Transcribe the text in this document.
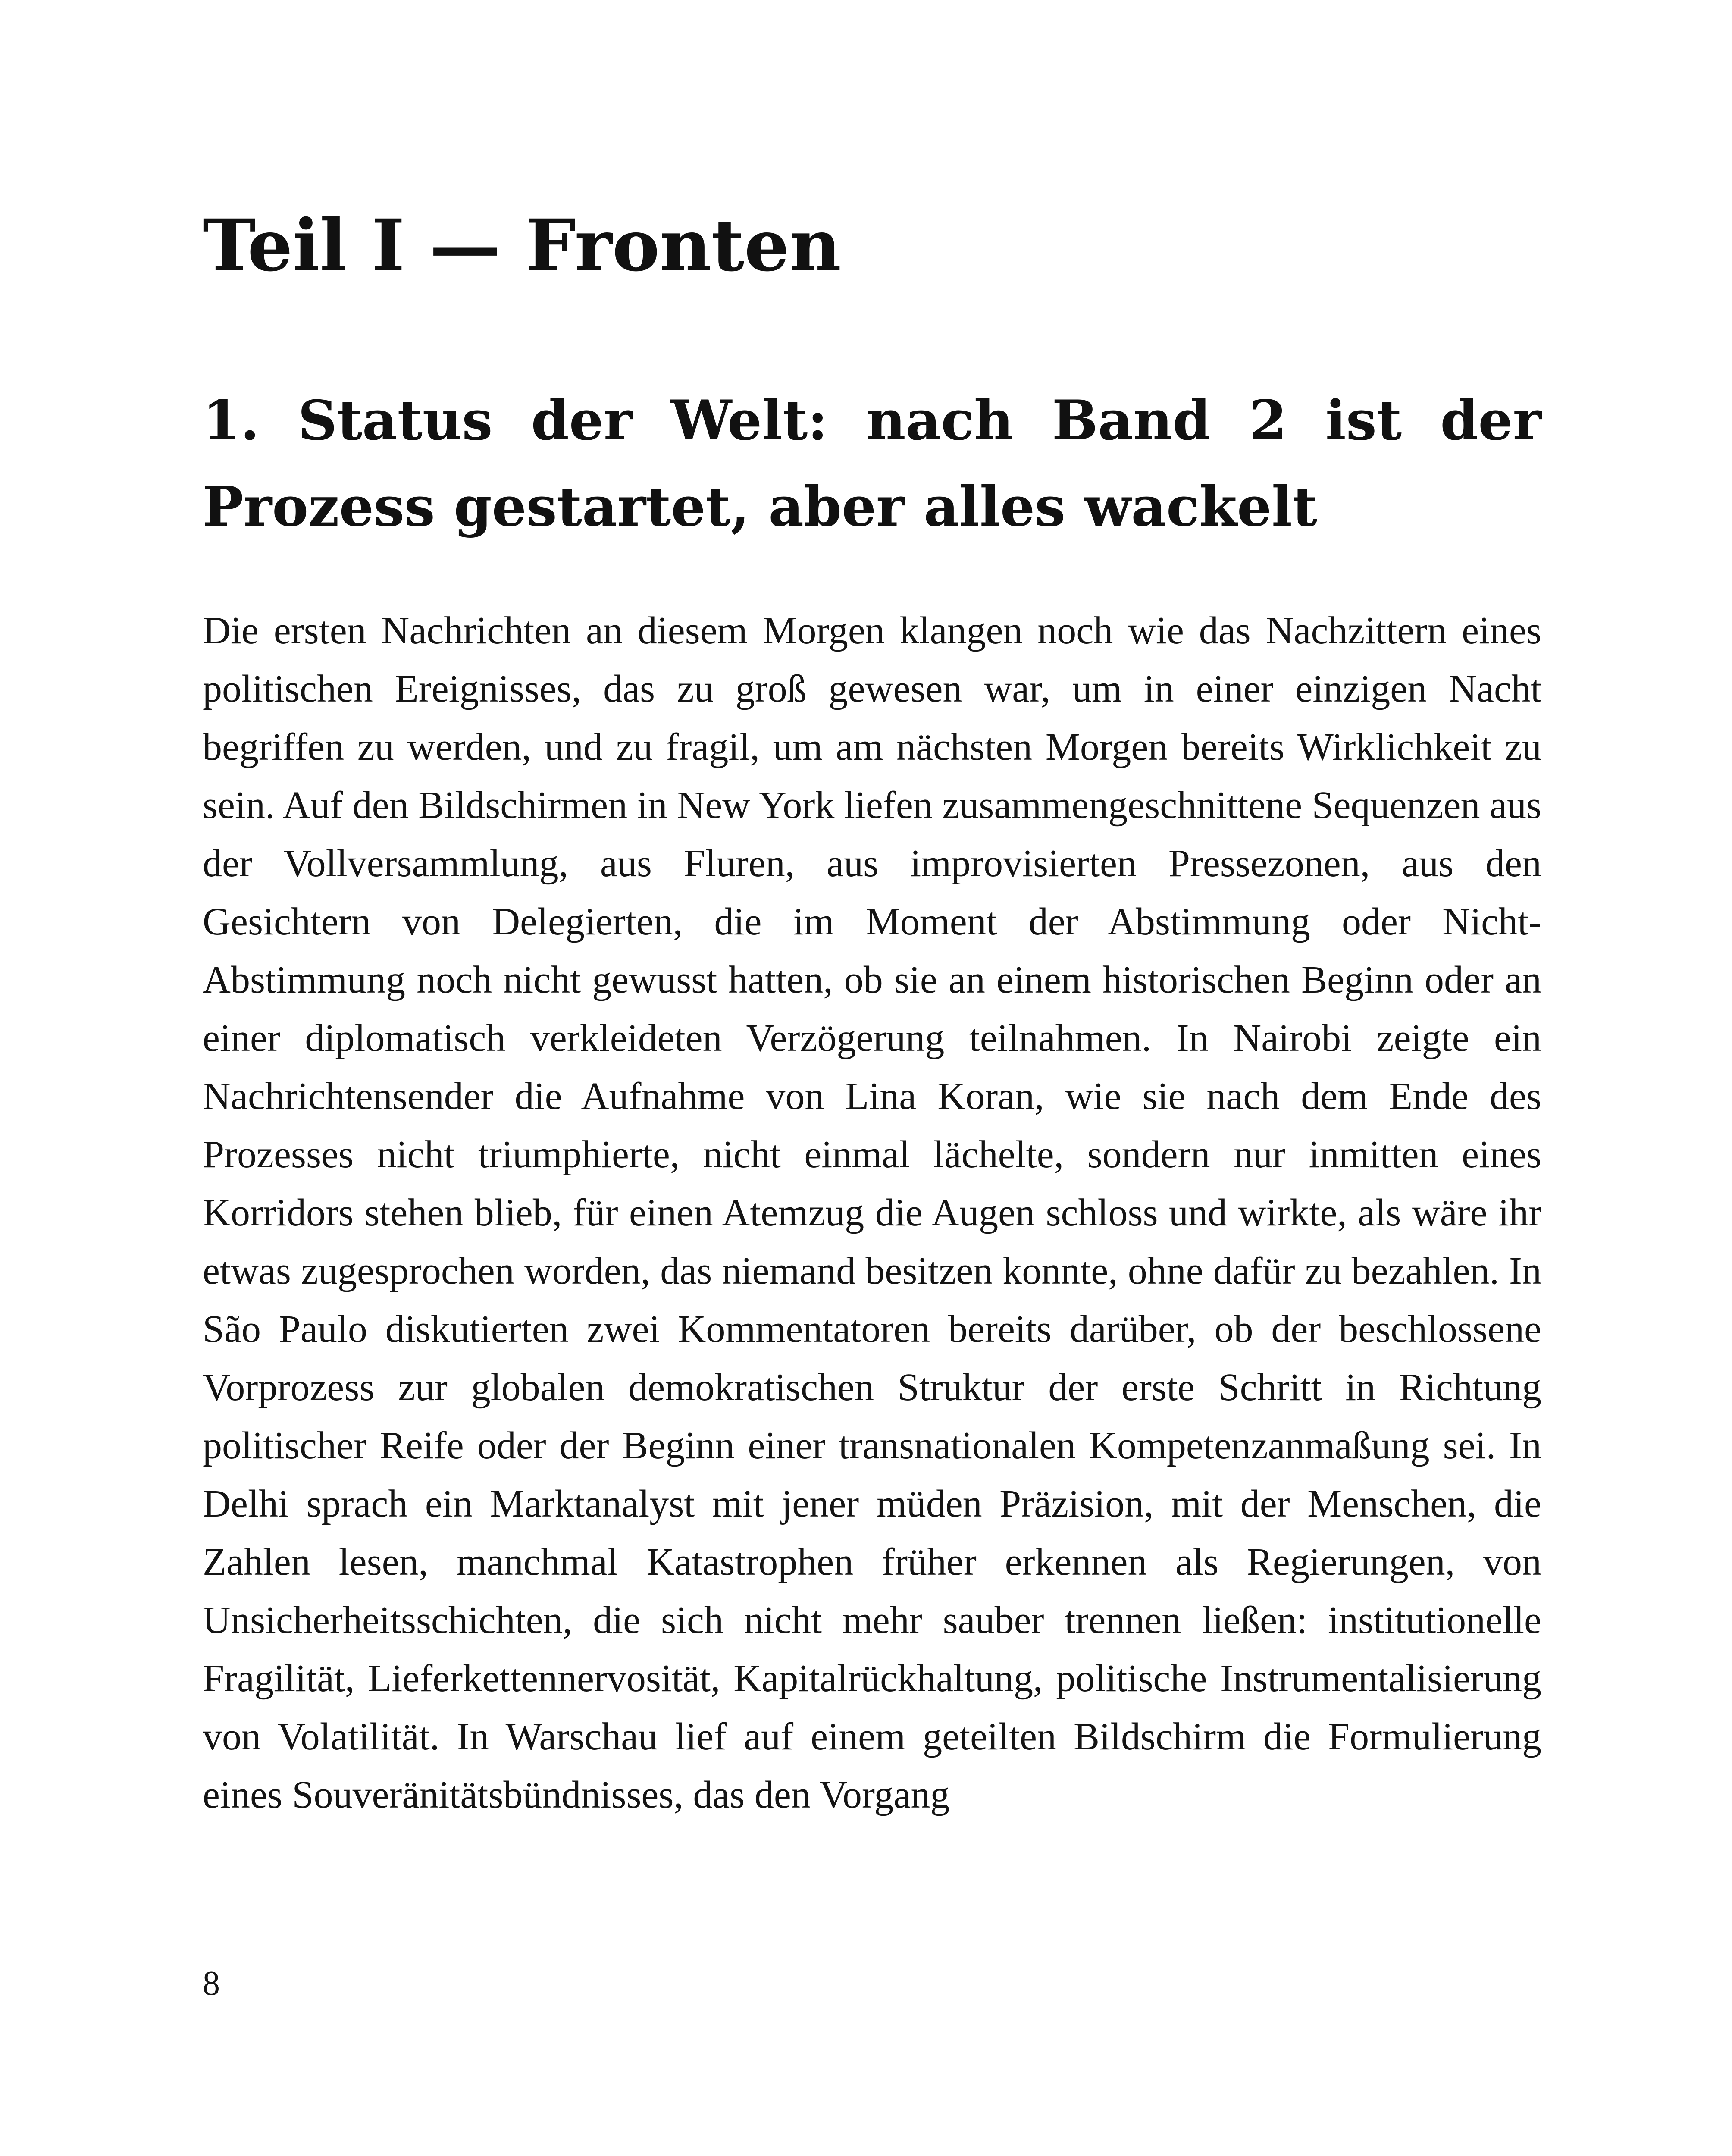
Teil I — Fronten
1. Status der Welt: nach Band 2 ist der Prozess gestartet, aber alles wackelt

Die ersten Nachrichten an diesem Morgen klangen noch wie das Nachzittern eines politischen Ereignisses, das zu groß gewesen war, um in einer einzigen Nacht begriffen zu werden, und zu fragil, um am nächsten Morgen bereits Wirklichkeit zu sein. Auf den Bildschirmen in New York liefen zusammengeschnittene Sequenzen aus der Vollversammlung, aus Fluren, aus improvisierten Pressezonen, aus den Gesichtern von Delegierten, die im Moment der Abstimmung oder Nicht-Abstimmung noch nicht gewusst hatten, ob sie an einem historischen Beginn oder an einer diplomatisch verkleideten Verzögerung teilnahmen. In Nairobi zeigte ein Nachrichtensender die Aufnahme von Lina Koran, wie sie nach dem Ende des Prozesses nicht triumphierte, nicht einmal lächelte, sondern nur inmitten eines Korridors stehen blieb, für einen Atemzug die Augen schloss und wirkte, als wäre ihr etwas zugesprochen worden, das niemand besitzen konnte, ohne dafür zu bezahlen. In São Paulo diskutierten zwei Kommentatoren bereits darüber, ob der beschlossene Vorprozess zur globalen demokratischen Struktur der erste Schritt in Richtung politischer Reife oder der Beginn einer transnationalen Kompetenzanmaßung sei. In Delhi sprach ein Marktanalyst mit jener müden Präzision, mit der Menschen, die Zahlen lesen, manchmal Katastrophen früher erkennen als Regierungen, von Unsicherheitsschichten, die sich nicht mehr sauber trennen ließen: institutionelle Fragilität, Lieferkettennervosität, Kapitalrückhaltung, politische Instrumentalisierung von Volatilität. In Warschau lief auf einem geteilten Bildschirm die Formulierung eines Souveränitätsbündnisses, das den Vorgang

8
